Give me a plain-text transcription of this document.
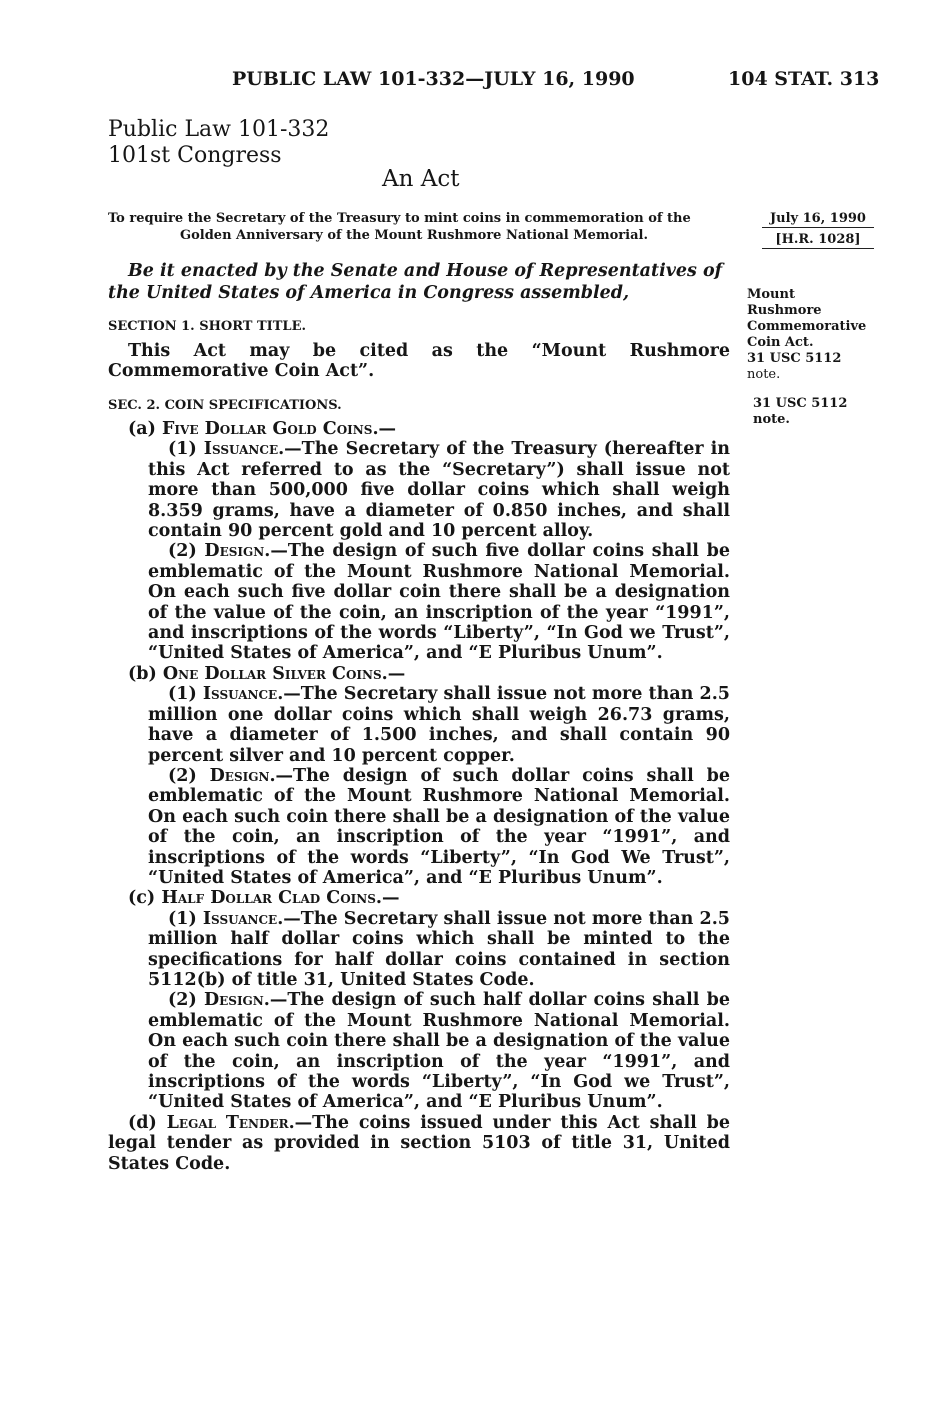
PUBLIC LAW 101-332—JULY 16, 1990	104 STAT. 313
Public Law 101-332
101st Congress
An Act
To require the Secretary of the Treasury to mint coins in commemoration of the
Golden Anniversary of the Mount Rushmore National Memorial.
July 16, 1990
[H.R. 1028]
Be it enacted by the Senate and House of Representatives of the United States of America in Congress assembled,	Mount
Rushmore
Commemorative
Coin Act.
31 USC 5112
note.
31 USC 5112
note.
SECTION 1. SHORT TITLE.

This Act may be cited as the “Mount Rushmore Commemorative Coin Act”.

SEC. 2. COIN SPECIFICATIONS.

(a) Five Dollar Gold Coins.—

(1) Issuance.—The Secretary of the Treasury (hereafter in this Act referred to as the “Secretary”) shall issue not more than 500,000 five dollar coins which shall weigh 8.359 grams, have a diameter of 0.850 inches, and shall contain 90 percent gold and 10 percent alloy.

(2) Design.—The design of such five dollar coins shall be emblematic of the Mount Rushmore National Memorial. On each such five dollar coin there shall be a designation of the value of the coin, an inscription of the year “1991”, and inscriptions of the words “Liberty”, “In God we Trust”, “United States of America”, and “E Pluribus Unum”.

(b) One Dollar Silver Coins.—

(1) Issuance.—The Secretary shall issue not more than 2.5 million one dollar coins which shall weigh 26.73 grams, have a diameter of 1.500 inches, and shall contain 90 percent silver and 10 percent copper.

(2) Design.—The design of such dollar coins shall be emblematic of the Mount Rushmore National Memorial. On each such coin there shall be a designation of the value of the coin, an inscription of the year “1991”, and inscriptions of the words “Liberty”, “In God We Trust”, “United States of America”, and “E Pluribus Unum”.

(c) Half Dollar Clad Coins.—

(1) Issuance.—The Secretary shall issue not more than 2.5 million half dollar coins which shall be minted to the specifications for half dollar coins contained in section 5112(b) of title 31, United States Code.

(2) Design.—The design of such half dollar coins shall be emblematic of the Mount Rushmore National Memorial. On each such coin there shall be a designation of the value of the coin, an inscription of the year “1991”, and inscriptions of the words “Liberty”, “In God we Trust”, “United States of America”, and “E Pluribus Unum”.

(d) Legal Tender.—The coins issued under this Act shall be legal tender as provided in section 5103 of title 31, United States Code.
